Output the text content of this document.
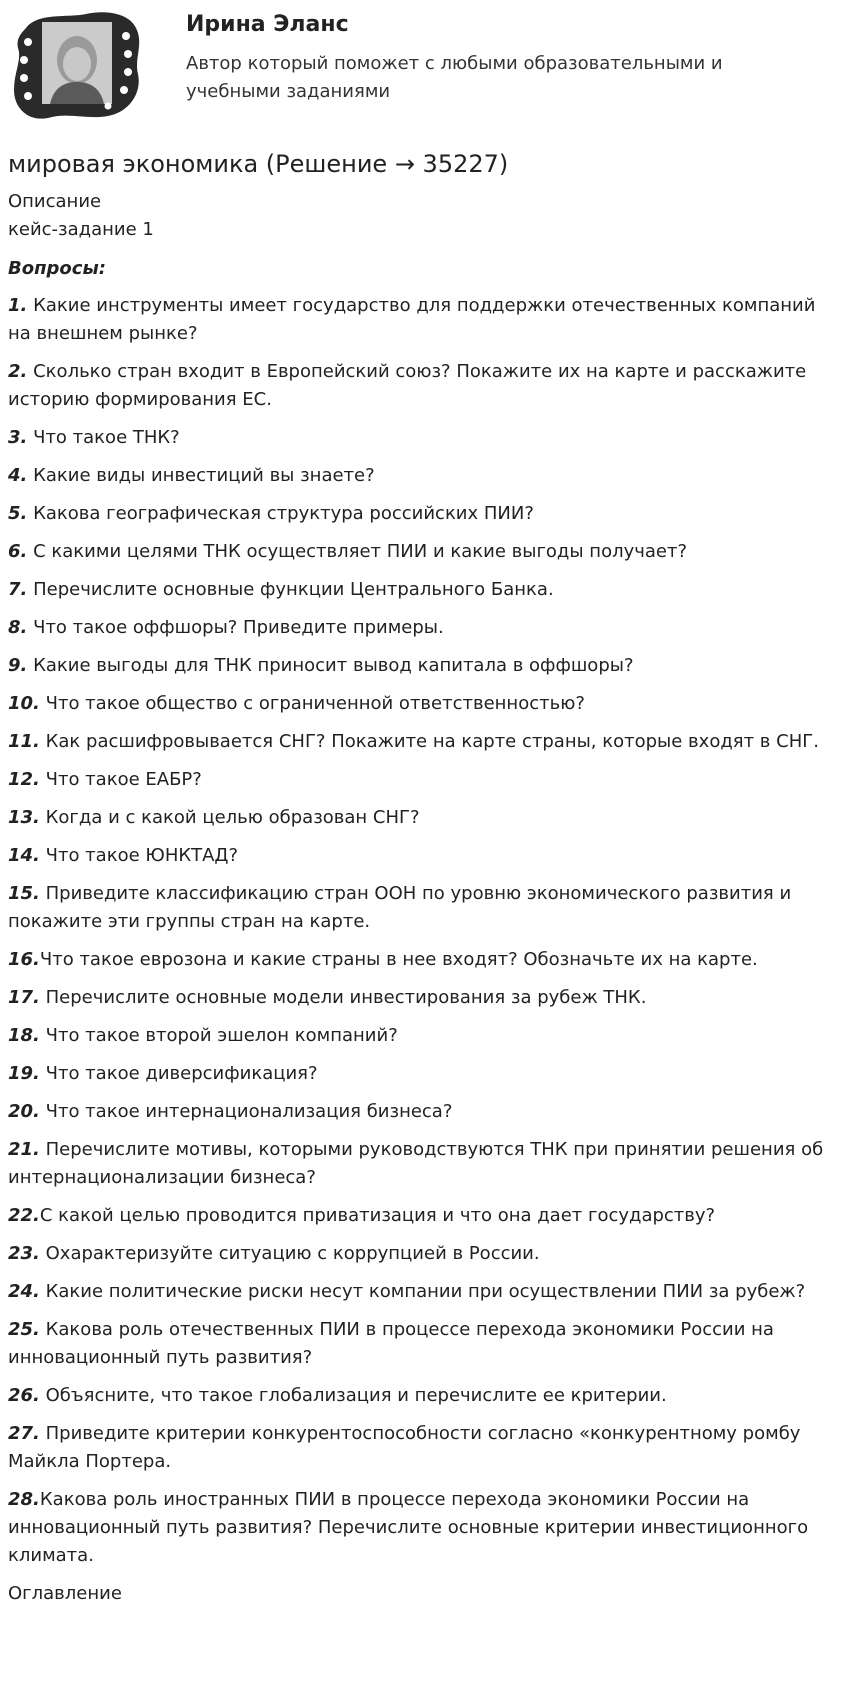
Ирина Эланс

Автор который поможет с любыми образовательными и учебными заданиями

мировая экономика (Решение → 35227)

Описание

кейс-задание 1

Вопросы:

1. Какие инструменты имеет государство для поддержки отечественных компаний на внешнем рынке?
2. Сколько стран входит в Европейский союз? Покажите их на карте и расскажите историю формирования ЕС.
3. Что такое ТНК?
4. Какие виды инвестиций вы знаете?
5. Какова географическая структура российских ПИИ?
6. С какими целями ТНК осуществляет ПИИ и какие выгоды получает?
7. Перечислите основные функции Центрального Банка.
8. Что такое оффшоры? Приведите примеры.
9. Какие выгоды для ТНК приносит вывод капитала в оффшоры?
10. Что такое общество с ограниченной ответственностью?
11. Как расшифровывается СНГ? Покажите на карте страны, которые входят в СНГ.
12. Что такое ЕАБР?
13. Когда и с какой целью образован СНГ?
14. Что такое ЮНКТАД?
15. Приведите классификацию стран ООН по уровню экономического развития и покажите эти группы стран на карте.
16.Что такое еврозона и какие страны в нее входят? Обозначьте их на карте.
17. Перечислите основные модели инвестирования за рубеж ТНК.
18. Что такое второй эшелон компаний?
19. Что такое диверсификация?
20. Что такое интернационализация бизнеса?
21. Перечислите мотивы, которыми руководствуются ТНК при принятии решения об интернационализации бизнеса?
22.С какой целью проводится приватизация и что она дает государству?
23. Охарактеризуйте ситуацию с коррупцией в России.
24. Какие политические риски несут компании при осуществлении ПИИ за рубеж?
25. Какова роль отечественных ПИИ в процессе перехода экономики России на инновационный путь развития?
26. Объясните, что такое глобализация и перечислите ее критерии.
27. Приведите критерии конкурентоспособности согласно «конкурентному ромбу Майкла Портера.
28.Какова роль иностранных ПИИ в процессе перехода экономики России на инновационный путь развития? Перечислите основные критерии инвестиционного климата.

Оглавление
